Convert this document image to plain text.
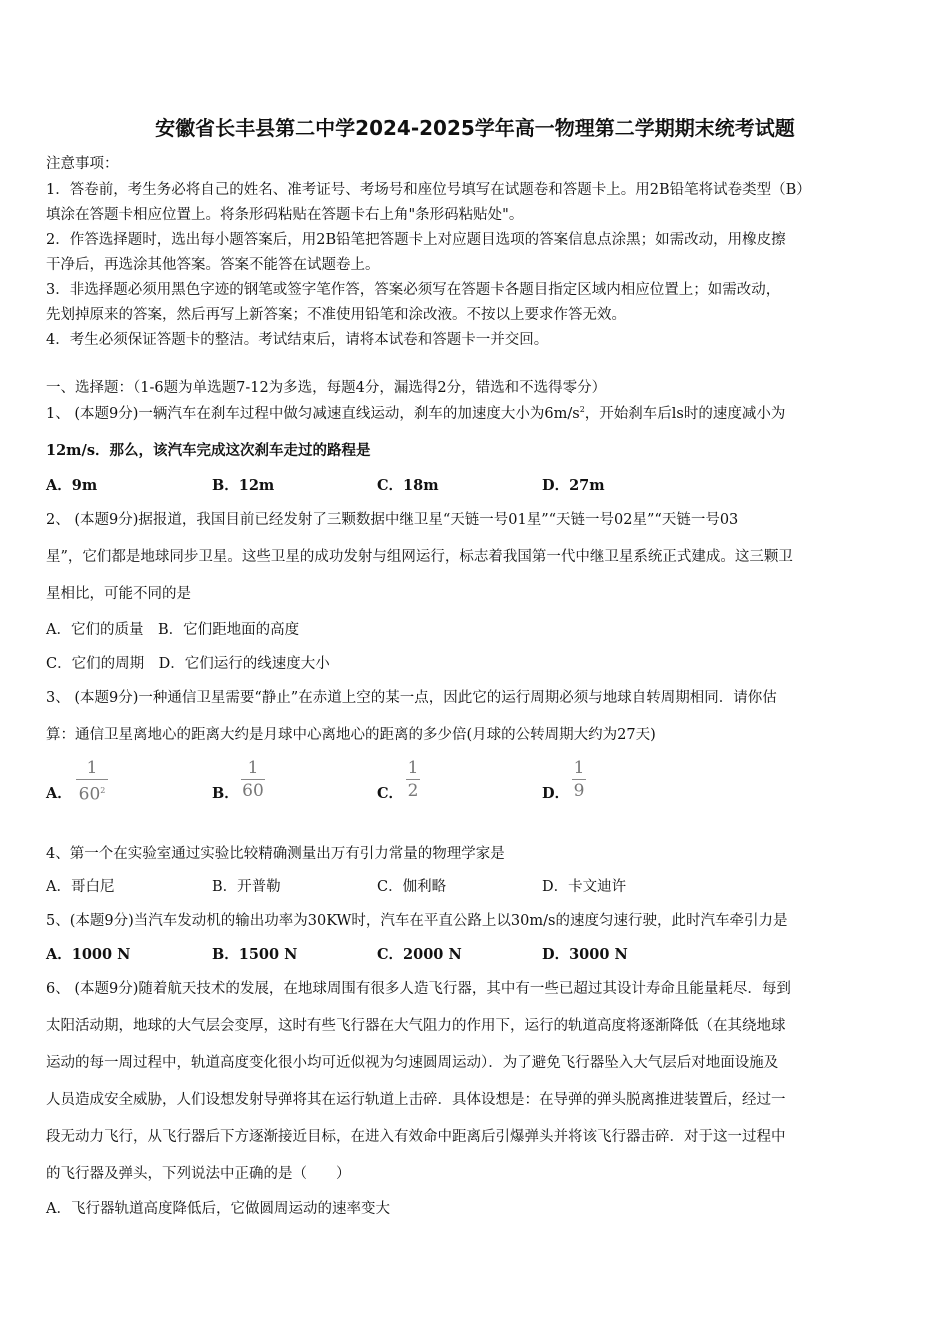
安徽省长丰县第二中学2024-2025学年高一物理第二学期期末统考试题
注意事项：
1．答卷前，考生务必将自己的姓名、准考证号、考场号和座位号填写在试题卷和答题卡上。用2B铅笔将试卷类型（B）
填涂在答题卡相应位置上。将条形码粘贴在答题卡右上角"条形码粘贴处"。
2．作答选择题时，选出每小题答案后，用2B铅笔把答题卡上对应题目选项的答案信息点涂黑；如需改动，用橡皮擦
干净后，再选涂其他答案。答案不能答在试题卷上。
3．非选择题必须用黑色字迹的钢笔或签字笔作答，答案必须写在答题卡各题目指定区域内相应位置上；如需改动，
先划掉原来的答案，然后再写上新答案；不准使用铅笔和涂改液。不按以上要求作答无效。
4．考生必须保证答题卡的整洁。考试结束后，请将本试卷和答题卡一并交回。
一、选择题：（1-6题为单选题7-12为多选，每题4分，漏选得2分，错选和不选得零分）
1、 (本题9分)一辆汽车在刹车过程中做匀减速直线运动，刹车的加速度大小为$6m/s^2$，开始刹车后ls时的速度减小为
12m/s．那么，该汽车完成这次刹车走过的路程是
A．9m	B．12m	C．18m	D．27m
2、 (本题9分)据报道，我国目前已经发射了三颗数据中继卫星“天链一号01星”“天链一号02星”“天链一号03
星”，它们都是地球同步卫星。这些卫星的成功发射与组网运行，标志着我国第一代中继卫星系统正式建成。这三颗卫
星相比，可能不同的是
A．它们的质量　B．它们距地面的高度
C．它们的周期　D．它们运行的线速度大小
3、 (本题9分)一种通信卫星需要“静止”在赤道上空的某一点，因此它的运行周期必须与地球自转周期相同．请你估
算：通信卫星离地心的距离大约是月球中心离地心的距离的多少倍(月球的公转周期大约为27天)
A．
1
$60^2$	B．
1
60	C．
1
2	D．
1
9
4、第一个在实验室通过实验比较精确测量出万有引力常量的物理学家是
A．哥白尼	B．开普勒	C．伽利略	D．卡文迪许
5、(本题9分)当汽车发动机的输出功率为30KW时，汽车在平直公路上以30m/s的速度匀速行驶，此时汽车牵引力是
A．1000 N	B．1500 N	C．2000 N	D．3000 N
6、 (本题9分)随着航天技术的发展，在地球周围有很多人造飞行器，其中有一些已超过其设计寿命且能量耗尽．每到
太阳活动期，地球的大气层会变厚，这时有些飞行器在大气阻力的作用下，运行的轨道高度将逐渐降低（在其绕地球
运动的每一周过程中，轨道高度变化很小均可近似视为匀速圆周运动）．为了避免飞行器坠入大气层后对地面设施及
人员造成安全威胁，人们设想发射导弹将其在运行轨道上击碎．具体设想是：在导弹的弹头脱离推进装置后，经过一
段无动力飞行，从飞行器后下方逐渐接近目标，在进入有效命中距离后引爆弹头并将该飞行器击碎．对于这一过程中
的飞行器及弹头，下列说法中正确的是（　　）
A．飞行器轨道高度降低后，它做圆周运动的速率变大
